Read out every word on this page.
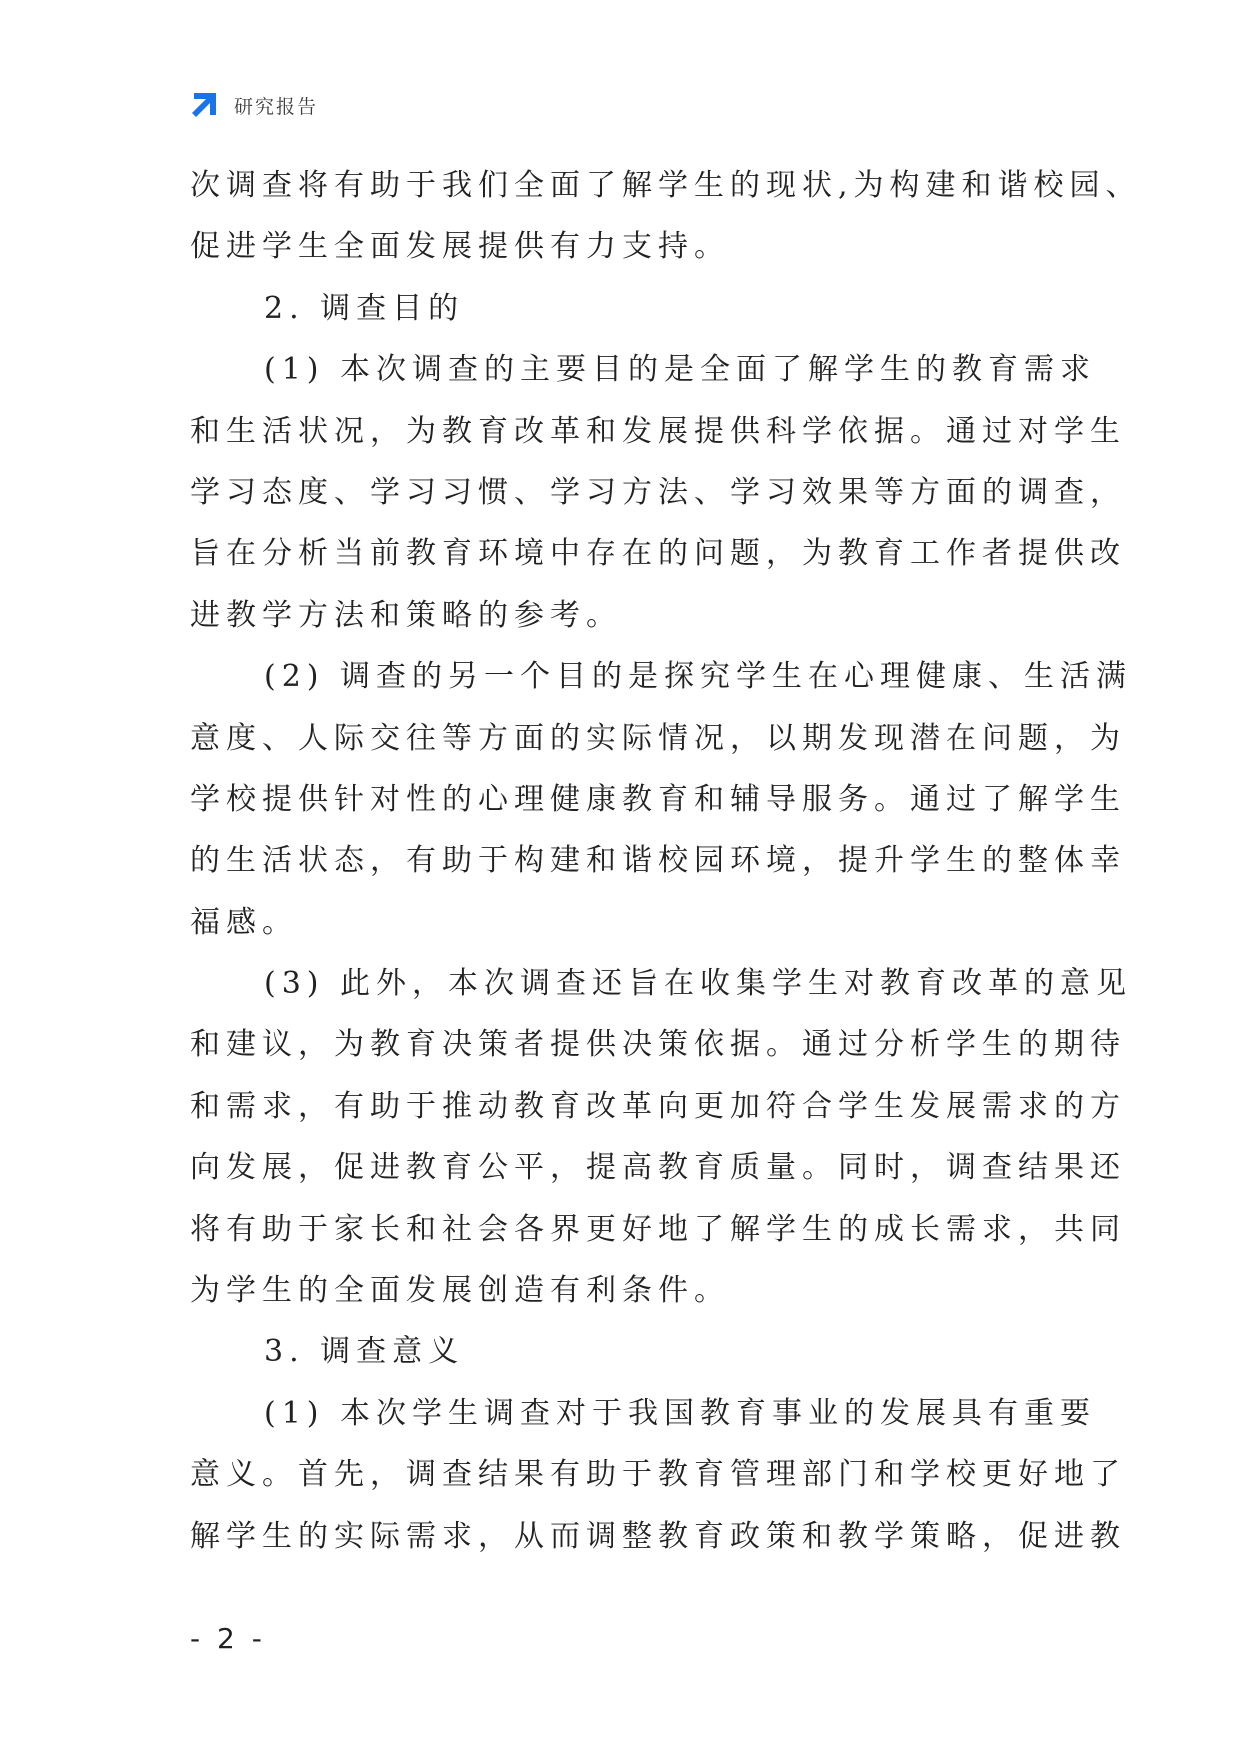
研究报告
次调查将有助于我们全面了解学生的现状,为构建和谐校园、
促进学生全面发展提供有力支持。
2. 调查目的
(1) 本次调查的主要目的是全面了解学生的教育需求
和生活状况，为教育改革和发展提供科学依据。通过对学生
学习态度、学习习惯、学习方法、学习效果等方面的调查，
旨在分析当前教育环境中存在的问题，为教育工作者提供改
进教学方法和策略的参考。
(2) 调查的另一个目的是探究学生在心理健康、生活满
意度、人际交往等方面的实际情况，以期发现潜在问题，为
学校提供针对性的心理健康教育和辅导服务。通过了解学生
的生活状态，有助于构建和谐校园环境，提升学生的整体幸
福感。
(3) 此外，本次调查还旨在收集学生对教育改革的意见
和建议，为教育决策者提供决策依据。通过分析学生的期待
和需求，有助于推动教育改革向更加符合学生发展需求的方
向发展，促进教育公平，提高教育质量。同时，调查结果还
将有助于家长和社会各界更好地了解学生的成长需求，共同
为学生的全面发展创造有利条件。
3. 调查意义
(1) 本次学生调查对于我国教育事业的发展具有重要
意义。首先，调查结果有助于教育管理部门和学校更好地了
解学生的实际需求，从而调整教育政策和教学策略，促进教
- 2 -
